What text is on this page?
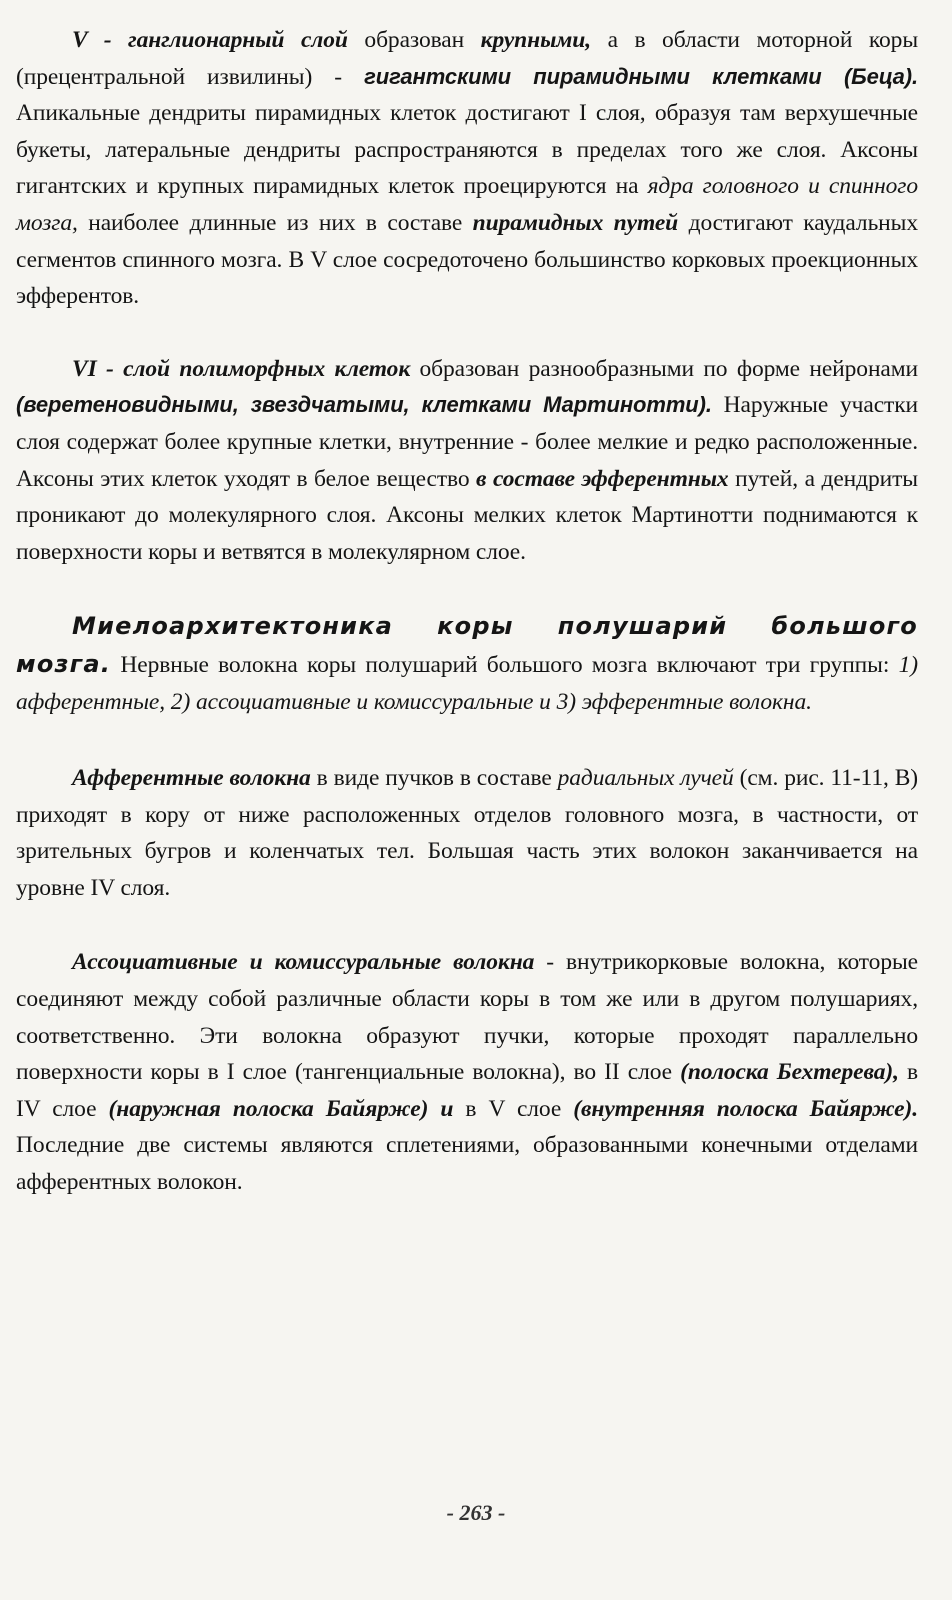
V - ганглионарный слой образован крупными, а в области моторной коры (прецентральной извилины) - гигантскими пирамидными клетками (Беца). Апикальные дендриты пирамидных клеток достигают I слоя, образуя там верхушечные букеты, латеральные дендриты распространяются в пределах того же слоя. Аксоны гигантских и крупных пирамидных клеток проецируются на ядра головного и спинного мозга, наиболее длинные из них в составе пирамидных путей достигают каудальных сегментов спинного мозга. В V слое сосредоточено большинство корковых проекционных эфферентов.

VI - слой полиморфных клеток образован разнообразными по форме нейронами (веретеновидными, звездчатыми, клетками Мартинотти). Наружные участки слоя содержат более крупные клетки, внутренние - более мелкие и редко расположенные. Аксоны этих клеток уходят в белое вещество в составе эфферентных путей, а дендриты проникают до молекулярного слоя. Аксоны мелких клеток Мартинотти поднимаются к поверхности коры и ветвятся в молекулярном слое.

Миелоархитектоника коры полушарий большого мозга. Нервные волокна коры полушарий большого мозга включают три группы: 1) афферентные, 2) ассоциативные и комиссуральные и 3) эфферентные волокна.

Афферентные волокна в виде пучков в составе радиальных лучей (см. рис. 11-11, В) приходят в кору от ниже расположенных отделов головного мозга, в частности, от зрительных бугров и коленчатых тел. Большая часть этих волокон заканчивается на уровне IV слоя.

Ассоциативные и комиссуральные волокна - внутрикорковые волокна, которые соединяют между собой различные области коры в том же или в другом полушариях, соответственно. Эти волокна образуют пучки, которые проходят параллельно поверхности коры в I слое (тангенциальные волокна), во II слое (полоска Бехтерева), в IV слое (наружная полоска Байярже) и в V слое (внутренняя полоска Байярже). Последние две системы являются сплетениями, образованными конечными отделами афферентных волокон.

- 263 -
